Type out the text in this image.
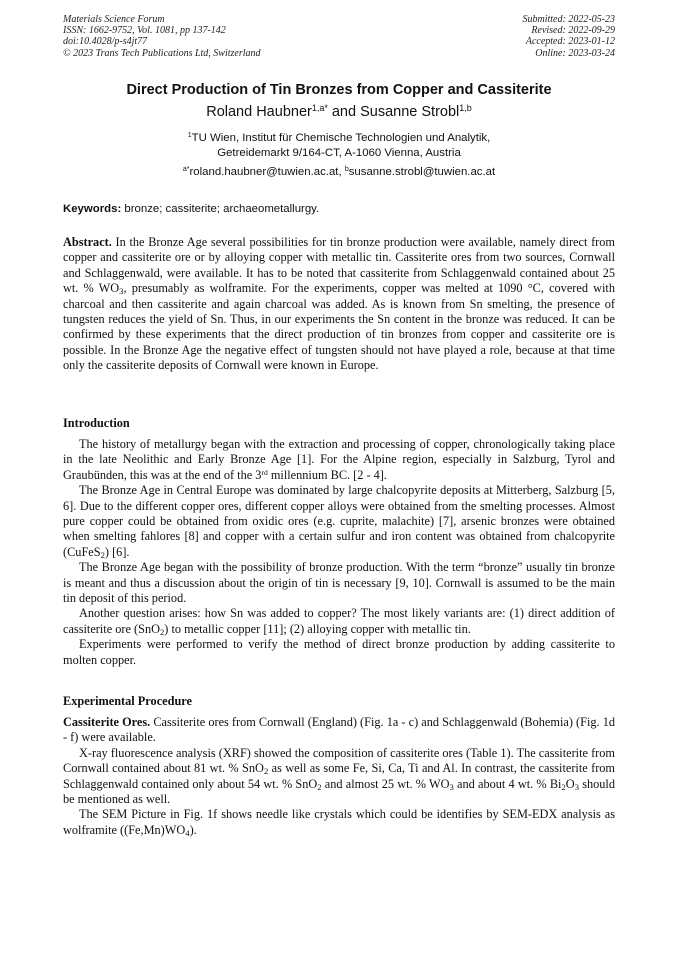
Materials Science Forum
ISSN: 1662-9752, Vol. 1081, pp 137-142
doi:10.4028/p-s4jt77
© 2023 Trans Tech Publications Ltd, Switzerland
Submitted: 2022-05-23
Revised: 2022-09-29
Accepted: 2023-01-12
Online: 2023-03-24
Direct Production of Tin Bronzes from Copper and Cassiterite
Roland Haubner$^{1,a*}$ and Susanne Strobl$^{1,b}$
$^1$TU Wien, Institut für Chemische Technologien und Analytik,
Getreidemarkt 9/164-CT, A-1060 Vienna, Austria
$^{a*}$roland.haubner@tuwien.ac.at, $^b$susanne.strobl@tuwien.ac.at
Keywords: bronze; cassiterite; archaeometallurgy.

Abstract. In the Bronze Age several possibilities for tin bronze production were available, namely direct from copper and cassiterite ore or by alloying copper with metallic tin. Cassiterite ores from two sources, Cornwall and Schlaggenwald, were available. It has to be noted that cassiterite from Schlaggenwald contained about 25 wt. % $WO_3$, presumably as wolframite. For the experiments, copper was melted at 1090 °C, covered with charcoal and then cassiterite and again charcoal was added. As is known from Sn smelting, the presence of tungsten reduces the yield of Sn. Thus, in our experiments the Sn content in the bronze was reduced. It can be confirmed by these experiments that the direct production of tin bronzes from copper and cassiterite ore is possible. In the Bronze Age the negative effect of tungsten should not have played a role, because at that time only the cassiterite deposits of Cornwall were known in Europe.

Introduction

The history of metallurgy began with the extraction and processing of copper, chronologically taking place in the late Neolithic and Early Bronze Age [1]. For the Alpine region, especially in Salzburg, Tyrol and Graubünden, this was at the end of the 3rd millennium BC. [2 - 4].

The Bronze Age in Central Europe was dominated by large chalcopyrite deposits at Mitterberg, Salzburg [5, 6]. Due to the different copper ores, different copper alloys were obtained from the smelting processes. Almost pure copper could be obtained from oxidic ores (e.g. cuprite, malachite) [7], arsenic bronzes were obtained when smelting fahlores [8] and copper with a certain sulfur and iron content was obtained from chalcopyrite (CuFeS$_2$) [6].

The Bronze Age began with the possibility of bronze production. With the term “bronze” usually tin bronze is meant and thus a discussion about the origin of tin is necessary [9, 10]. Cornwall is assumed to be the main tin deposit of this period.

Another question arises: how Sn was added to copper? The most likely variants are: (1) direct addition of cassiterite ore (SnO$_2$) to metallic copper [11]; (2) alloying copper with metallic tin.

Experiments were performed to verify the method of direct bronze production by adding cassiterite to molten copper.

Experimental Procedure

Cassiterite Ores. Cassiterite ores from Cornwall (England) (Fig. 1a - c) and Schlaggenwald (Bohemia) (Fig. 1d - f) were available.

X-ray fluorescence analysis (XRF) showed the composition of cassiterite ores (Table 1). The cassiterite from Cornwall contained about 81 wt. % SnO$_2$ as well as some Fe, Si, Ca, Ti and Al. In contrast, the cassiterite from Schlaggenwald contained only about 54 wt. % SnO$_2$ and almost 25 wt. % $WO_3$ and about 4 wt. % $Bi_2O_3$ should be mentioned as well.

The SEM Picture in Fig. 1f shows needle like crystals which could be identifies by SEM-EDX analysis as wolframite $((Fe,Mn)WO_4)$.
